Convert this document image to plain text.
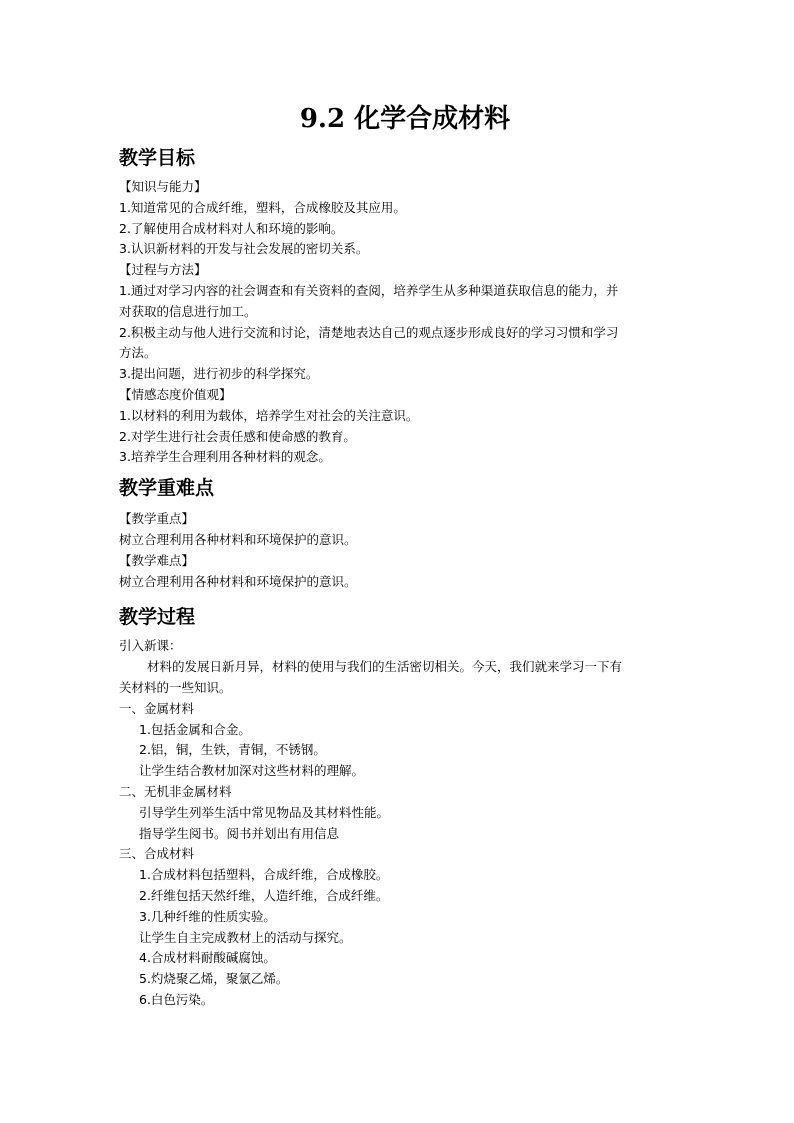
9.2 化学合成材料
教学目标
【知识与能力】
1.知道常见的合成纤维，塑料，合成橡胶及其应用。
2.了解使用合成材料对人和环境的影响。
3.认识新材料的开发与社会发展的密切关系。
【过程与方法】
1.通过对学习内容的社会调查和有关资料的查阅，培养学生从多种渠道获取信息的能力，并
对获取的信息进行加工。
2.积极主动与他人进行交流和讨论，清楚地表达自己的观点逐步形成良好的学习习惯和学习
方法。
3.提出问题，进行初步的科学探究。
【情感态度价值观】
1.以材料的利用为载体，培养学生对社会的关注意识。
2.对学生进行社会责任感和使命感的教育。
3.培养学生合理利用各种材料的观念。
教学重难点
【教学重点】
树立合理利用各种材料和环境保护的意识。
【教学难点】
树立合理利用各种材料和环境保护的意识。
教学过程
引入新课：
材料的发展日新月异，材料的使用与我们的生活密切相关。今天，我们就来学习一下有
关材料的一些知识。
一、金属材料
1.包括金属和合金。
2.铝，铜，生铁，青铜，不锈钢。
让学生结合教材加深对这些材料的理解。
二、无机非金属材料
引导学生列举生活中常见物品及其材料性能。
指导学生阅书。阅书并划出有用信息
三、合成材料
1.合成材料包括塑料，合成纤维，合成橡胶。
2.纤维包括天然纤维，人造纤维，合成纤维。
3.几种纤维的性质实验。
让学生自主完成教材上的活动与探究。
4.合成材料耐酸碱腐蚀。
5.灼烧聚乙烯，聚氯乙烯。
6.白色污染。
